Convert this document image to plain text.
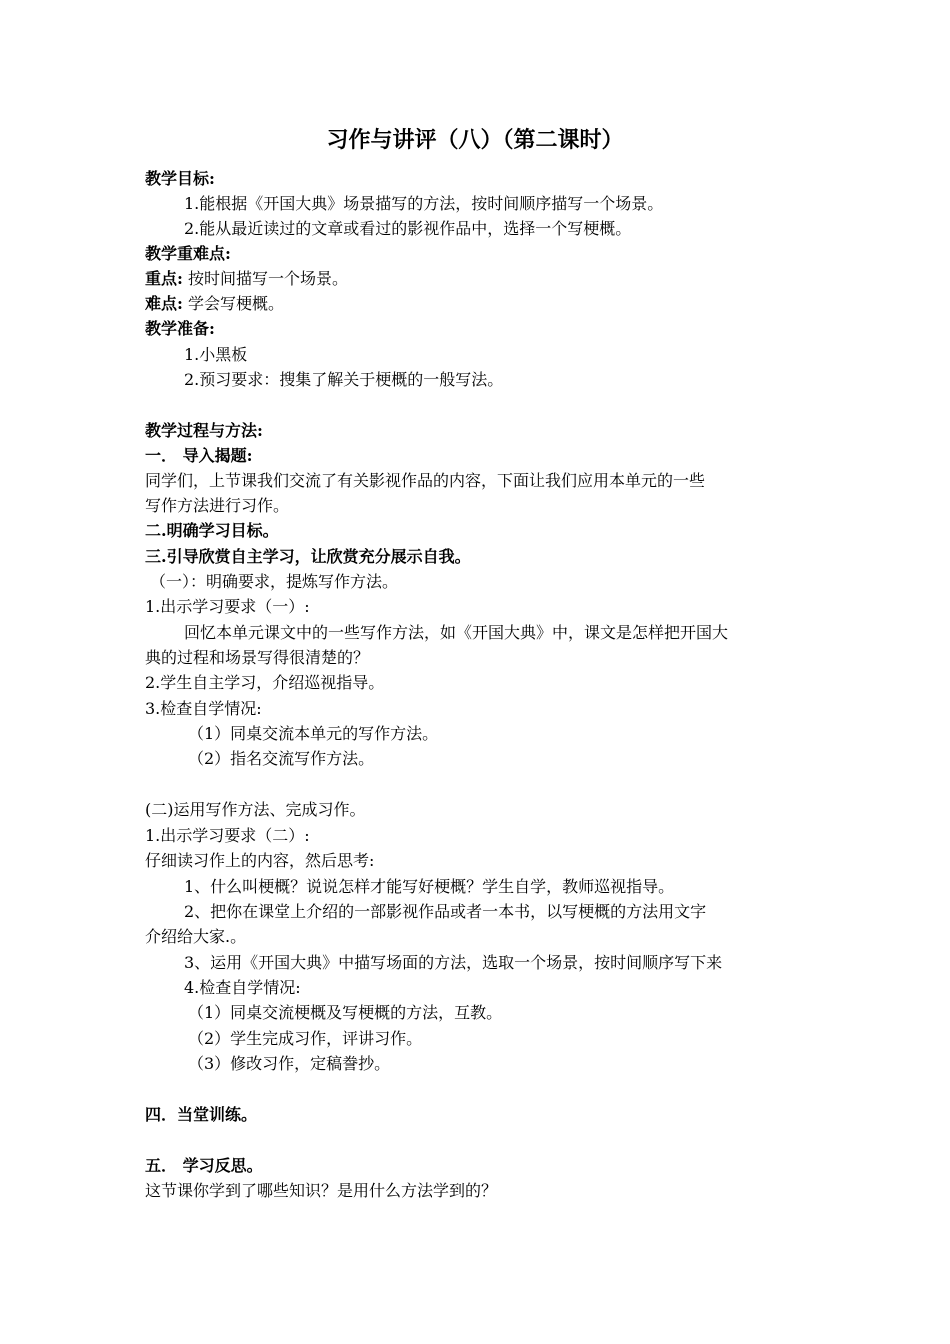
习作与讲评（八）（第二课时）
教学目标:
1.能根据《开国大典》场景描写的方法，按时间顺序描写一个场景。
2.能从最近读过的文章或看过的影视作品中，选择一个写梗概。
教学重难点:
重点: 按时间描写一个场景。
难点: 学会写梗概。
教学准备:
1.小黑板
2.预习要求：搜集了解关于梗概的一般写法。
教学过程与方法:
一． 导入揭题:
同学们，上节课我们交流了有关影视作品的内容，下面让我们应用本单元的一些
写作方法进行习作。
二.明确学习目标。
三.引导欣赏自主学习，让欣赏充分展示自我。
（一）：明确要求，提炼写作方法。
1.出示学习要求（一）:
回忆本单元课文中的一些写作方法，如《开国大典》中，课文是怎样把开国大
典的过程和场景写得很清楚的？
2.学生自主学习，介绍巡视指导。
3.检查自学情况:
（1）同桌交流本单元的写作方法。
（2）指名交流写作方法。
(二)运用写作方法、完成习作。
1.出示学习要求（二）:
仔细读习作上的内容，然后思考:
1、什么叫梗概？说说怎样才能写好梗概？学生自学，教师巡视指导。
2、把你在课堂上介绍的一部影视作品或者一本书，以写梗概的方法用文字
介绍给大家.。
3、运用《开国大典》中描写场面的方法，选取一个场景，按时间顺序写下来
4.检查自学情况:
（1）同桌交流梗概及写梗概的方法，互教。
（2）学生完成习作，评讲习作。
（3）修改习作，定稿誊抄。
四．当堂训练。
五． 学习反思。
这节课你学到了哪些知识？是用什么方法学到的？
